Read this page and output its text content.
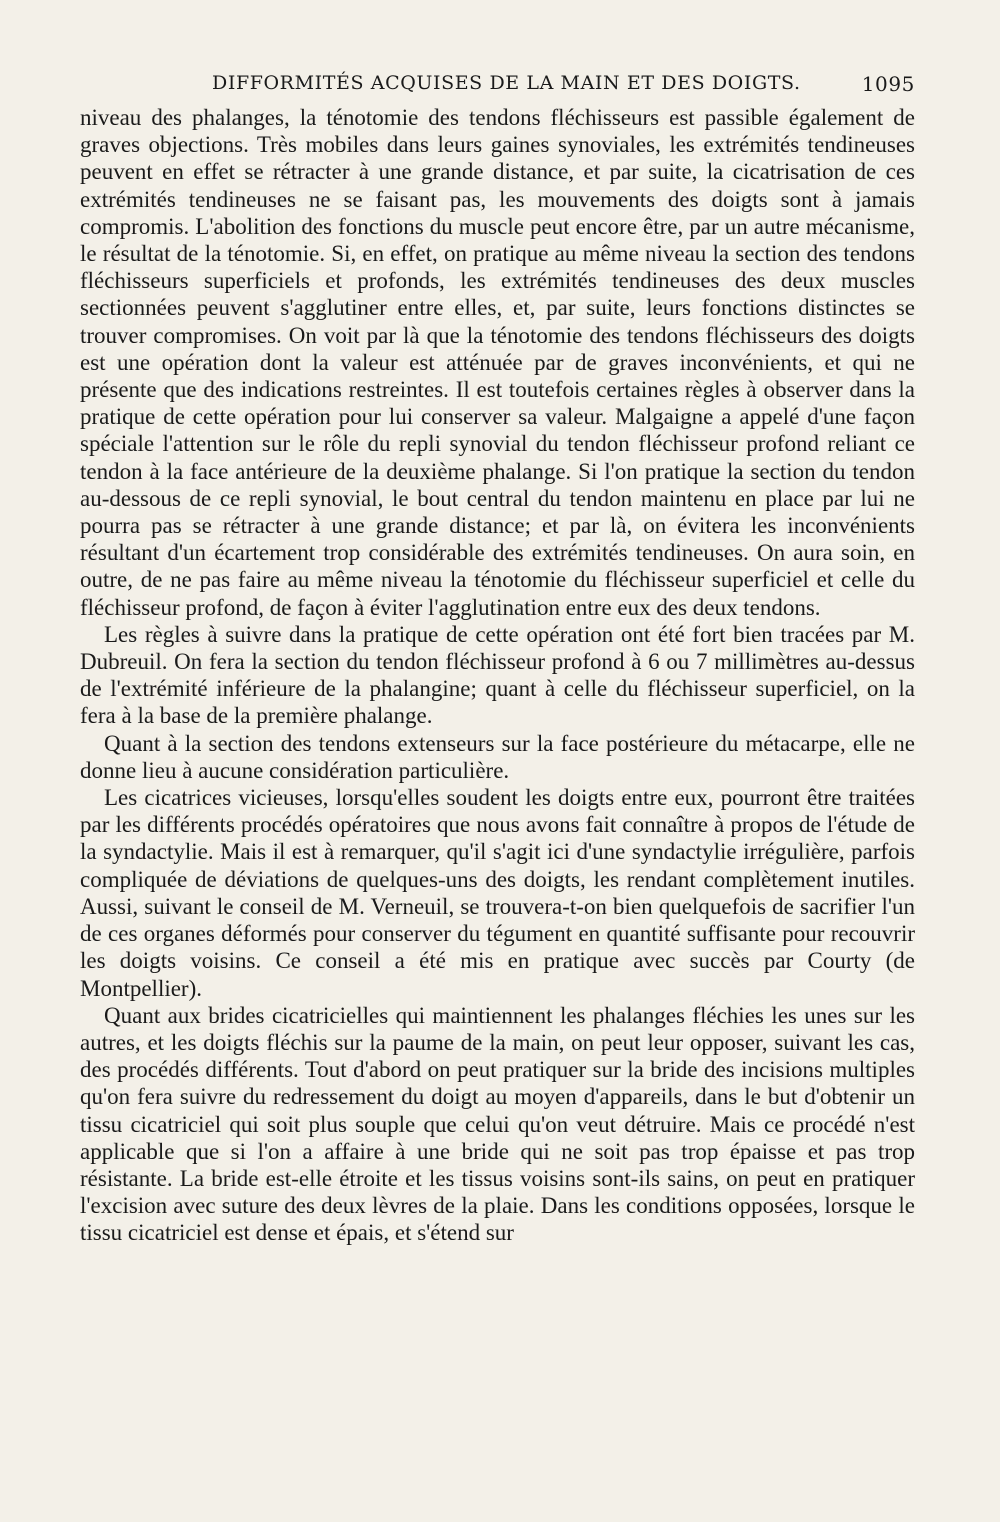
DIFFORMITÉS ACQUISES DE LA MAIN ET DES DOIGTS.	1095

niveau des phalanges, la ténotomie des tendons fléchisseurs est passible également de graves objections. Très mobiles dans leurs gaines synoviales, les extrémités tendineuses peuvent en effet se rétracter à une grande distance, et par suite, la cicatrisation de ces extrémités tendineuses ne se faisant pas, les mouvements des doigts sont à jamais compromis. L'abolition des fonctions du muscle peut encore être, par un autre mécanisme, le résultat de la ténotomie. Si, en effet, on pratique au même niveau la section des tendons fléchisseurs superficiels et profonds, les extrémités tendineuses des deux muscles sectionnées peuvent s'agglutiner entre elles, et, par suite, leurs fonctions distinctes se trouver compromises. On voit par là que la ténotomie des tendons fléchisseurs des doigts est une opération dont la valeur est atténuée par de graves inconvénients, et qui ne présente que des indications restreintes. Il est toutefois certaines règles à observer dans la pratique de cette opération pour lui conserver sa valeur. Malgaigne a appelé d'une façon spéciale l'attention sur le rôle du repli synovial du tendon fléchisseur profond reliant ce tendon à la face antérieure de la deuxième phalange. Si l'on pratique la section du tendon au-dessous de ce repli synovial, le bout central du tendon maintenu en place par lui ne pourra pas se rétracter à une grande distance; et par là, on évitera les inconvénients résultant d'un écartement trop considérable des extrémités tendineuses. On aura soin, en outre, de ne pas faire au même niveau la ténotomie du fléchisseur superficiel et celle du fléchisseur profond, de façon à éviter l'agglutination entre eux des deux tendons.

Les règles à suivre dans la pratique de cette opération ont été fort bien tracées par M. Dubreuil. On fera la section du tendon fléchisseur profond à 6 ou 7 millimètres au-dessus de l'extrémité inférieure de la phalangine; quant à celle du fléchisseur superficiel, on la fera à la base de la première phalange.

Quant à la section des tendons extenseurs sur la face postérieure du métacarpe, elle ne donne lieu à aucune considération particulière.

Les cicatrices vicieuses, lorsqu'elles soudent les doigts entre eux, pourront être traitées par les différents procédés opératoires que nous avons fait connaître à propos de l'étude de la syndactylie. Mais il est à remarquer, qu'il s'agit ici d'une syndactylie irrégulière, parfois compliquée de déviations de quelques-uns des doigts, les rendant complètement inutiles. Aussi, suivant le conseil de M. Verneuil, se trouvera-t-on bien quelquefois de sacrifier l'un de ces organes déformés pour conserver du tégument en quantité suffisante pour recouvrir les doigts voisins. Ce conseil a été mis en pratique avec succès par Courty (de Montpellier).

Quant aux brides cicatricielles qui maintiennent les phalanges fléchies les unes sur les autres, et les doigts fléchis sur la paume de la main, on peut leur opposer, suivant les cas, des procédés différents. Tout d'abord on peut pratiquer sur la bride des incisions multiples qu'on fera suivre du redressement du doigt au moyen d'appareils, dans le but d'obtenir un tissu cicatriciel qui soit plus souple que celui qu'on veut détruire. Mais ce procédé n'est applicable que si l'on a affaire à une bride qui ne soit pas trop épaisse et pas trop résistante. La bride est-elle étroite et les tissus voisins sont-ils sains, on peut en pratiquer l'excision avec suture des deux lèvres de la plaie. Dans les conditions opposées, lorsque le tissu cicatriciel est dense et épais, et s'étend sur
